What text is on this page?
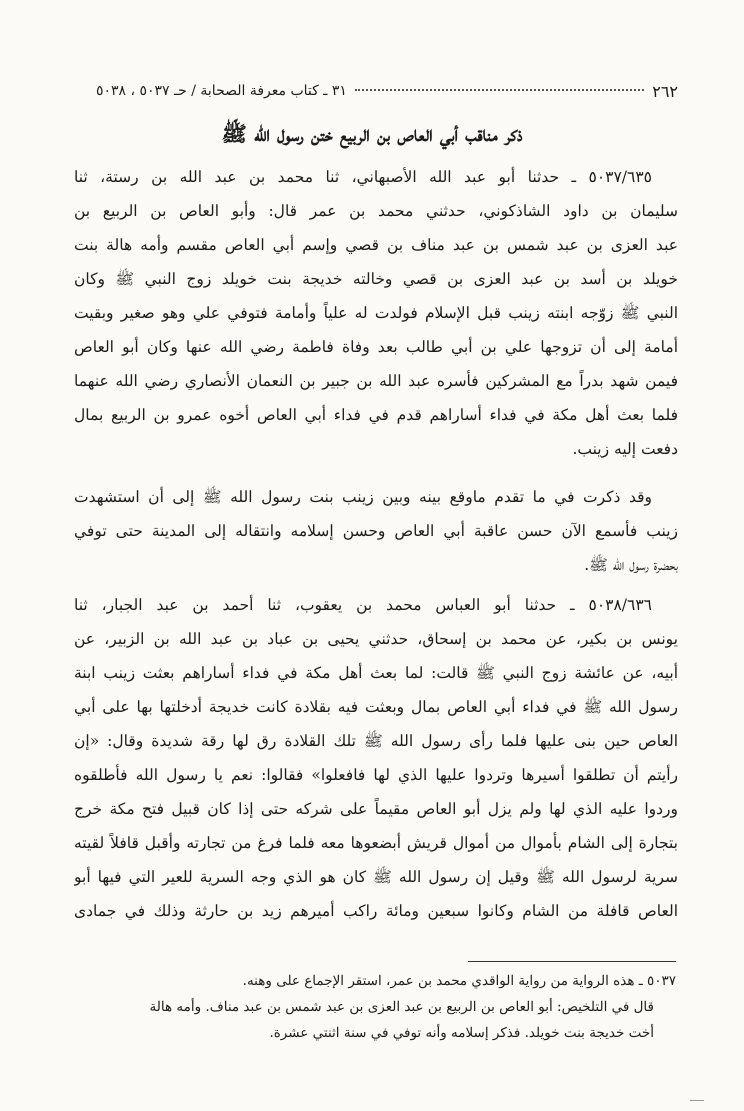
٢٦٢
٣١ ـ كتاب معرفة الصحابة / حـ ٥٠٣٧ ، ٥٠٣٨
ذكر مناقب أبي العاص بن الربيع ختن رسول الله ﷺ
٥٠٣٧/٦٣٥ ـ حدثنا أبو عبد الله الأصبهاني، ثنا محمد بن عبد الله بن رستة، ثنا
سليمان بن داود الشاذكوني، حدثني محمد بن عمر قال: وأبو العاص بن الربيع بن
عبد العزى بن عبد شمس بن عبد مناف بن قصي وإسم أبي العاص مقسم وأمه هالة بنت
خويلد بن أسد بن عبد العزى بن قصي وخالته خديجة بنت خويلد زوج النبي ﷺ وكان
النبي ﷺ زوّجه ابنته زينب قبل الإسلام فولدت له علياً وأمامة فتوفي علي وهو صغير وبقيت
أمامة إلى أن تزوجها علي بن أبي طالب بعد وفاة فاطمة رضي الله عنها وكان أبو العاص
فيمن شهد بدراً مع المشركين فأسره عبد الله بن جبير بن النعمان الأنصاري رضي الله عنهما
فلما بعث أهل مكة في فداء أساراهم قدم في فداء أبي العاص أخوه عمرو بن الربيع بمال
دفعت إليه زينب.
وقد ذكرت في ما تقدم ماوقع بينه وبين زينب بنت رسول الله ﷺ إلى أن استشهدت
زينب فأسمع الآن حسن عاقبة أبي العاص وحسن إسلامه وانتقاله إلى المدينة حتى توفي
بحضرة رسول الله ﷺ.
٥٠٣٨/٦٣٦ ـ حدثنا أبو العباس محمد بن يعقوب، ثنا أحمد بن عبد الجبار، ثنا
يونس بن بكير، عن محمد بن إسحاق، حدثني يحيى بن عباد بن عبد الله بن الزبير، عن
أبيه، عن عائشة زوج النبي ﷺ قالت: لما بعث أهل مكة في فداء أساراهم بعثت زينب ابنة
رسول الله ﷺ في فداء أبي العاص بمال وبعثت فيه بقلادة كانت خديجة أدخلتها بها على أبي
العاص حين بنى عليها فلما رأى رسول الله ﷺ تلك القلادة رق لها رقة شديدة وقال: «إن
رأيتم أن تطلقوا أسيرها وتردوا عليها الذي لها فافعلوا» فقالوا: نعم يا رسول الله فأطلقوه
وردوا عليه الذي لها ولم يزل أبو العاص مقيماً على شركه حتى إذا كان قبيل فتح مكة خرج
بتجارة إلى الشام بأموال من أموال قريش أبضعوها معه فلما فرغ من تجارته وأقبل قافلاً لقيته
سرية لرسول الله ﷺ وقيل إن رسول الله ﷺ كان هو الذي وجه السرية للعير التي فيها أبو
العاص قافلة من الشام وكانوا سبعين ومائة راكب أميرهم زيد بن حارثة وذلك في جمادى
٥٠٣٧ ـ هذه الرواية من رواية الواقدي محمد بن عمر، استقر الإجماع على وهنه.
قال في التلخيص: أبو العاص بن الربيع بن عبد العزى بن عبد شمس بن عبد مناف. وأمه هالة
أخت خديجة بنت خويلد. فذكر إسلامه وأنه توفي في سنة اثنتي عشرة.
